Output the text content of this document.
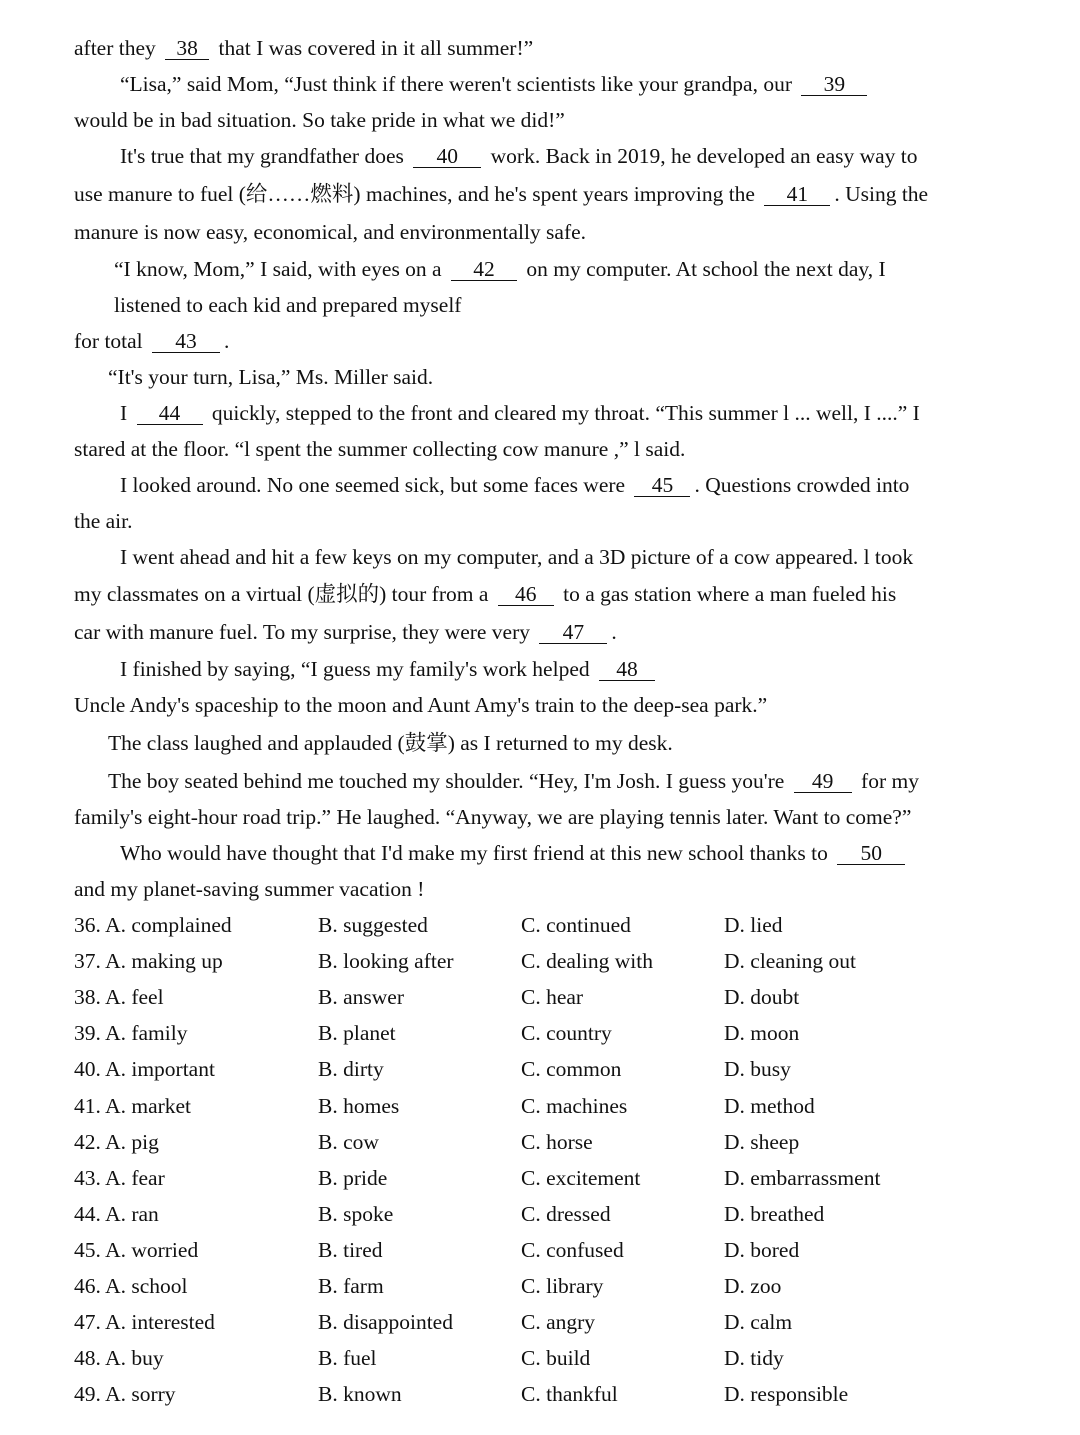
after they 38 that I was covered in it all summer!”
“Lisa,” said Mom, “Just think if there weren't scientists like your grandpa, our 39
would be in bad situation. So take pride in what we did!”
It's true that my grandfather does 40 work. Back in 2019, he developed an easy way to
use manure to fuel (给……燃料) machines, and he's spent years improving the 41 . Using the
manure is now easy, economical, and environmentally safe.
“I know, Mom,” I said, with eyes on a 42 on my computer. At school the next day, I
listened to each kid and prepared myself
for total 43 .
“It's your turn, Lisa,” Ms. Miller said.
I 44 quickly, stepped to the front and cleared my throat. “This summer l ... well, I ....” I
stared at the floor. “l spent the summer collecting cow manure ,” l said.
I looked around. No one seemed sick, but some faces were 45 . Questions crowded into
the air.
I went ahead and hit a few keys on my computer, and a 3D picture of a cow appeared. l took
my classmates on a virtual (虚拟的) tour from a 46 to a gas station where a man fueled his
car with manure fuel. To my surprise, they were very 47 .
I finished by saying, “I guess my family's work helped 48
Uncle Andy's spaceship to the moon and Aunt Amy's train to the deep-sea park.”
The class laughed and applauded (鼓掌) as I returned to my desk.
The boy seated behind me touched my shoulder. “Hey, I'm Josh. I guess you're 49 for my
family's eight-hour road trip.” He laughed. “Anyway, we are playing tennis later. Want to come?”
Who would have thought that I'd make my first friend at this new school thanks to 50
and my planet-saving summer vacation !
36. A. complained	B. suggested	C. continued	D. lied
37. A. making up	B. looking after	C. dealing with	D. cleaning out
38. A. feel	B. answer	C. hear	D. doubt
39. A. family	B. planet	C. country	D. moon
40. A. important	B. dirty	C. common	D. busy
41. A. market	B. homes	C. machines	D. method
42. A. pig	B. cow	C. horse	D. sheep
43. A. fear	B. pride	C. excitement	D. embarrassment
44. A. ran	B. spoke	C. dressed	D. breathed
45. A. worried	B. tired	C. confused	D. bored
46. A. school	B. farm	C. library	D. zoo
47. A. interested	B. disappointed	C. angry	D. calm
48. A. buy	B. fuel	C. build	D. tidy
49. A. sorry	B. known	C. thankful	D. responsible
